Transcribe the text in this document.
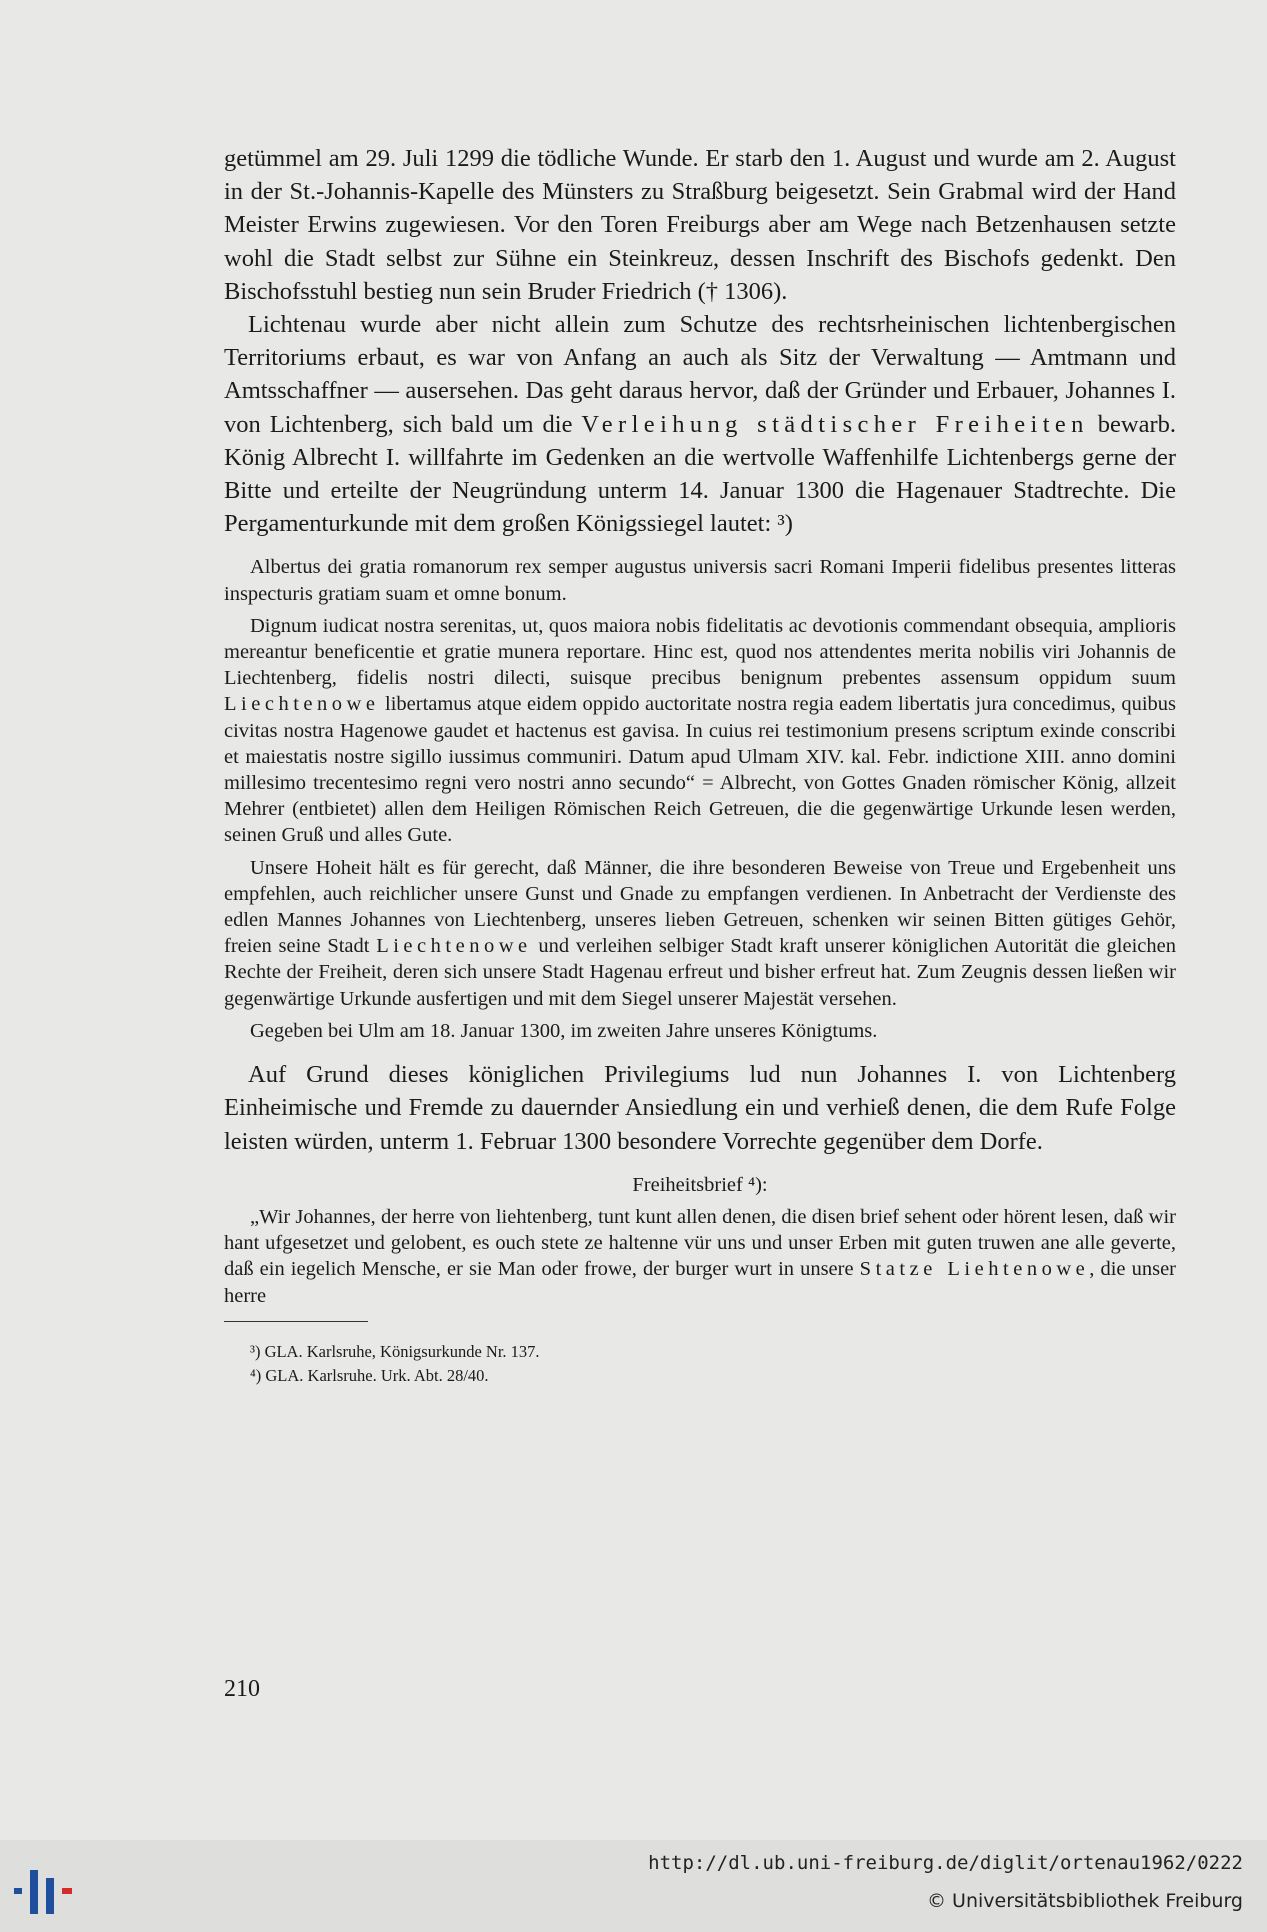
getümmel am 29. Juli 1299 die tödliche Wunde. Er starb den 1. August und wurde am 2. August in der St.-Johannis-Kapelle des Münsters zu Straßburg beigesetzt. Sein Grabmal wird der Hand Meister Erwins zugewiesen. Vor den Toren Freiburgs aber am Wege nach Betzenhausen setzte wohl die Stadt selbst zur Sühne ein Steinkreuz, dessen Inschrift des Bischofs gedenkt. Den Bischofsstuhl bestieg nun sein Bruder Friedrich († 1306).

Lichtenau wurde aber nicht allein zum Schutze des rechtsrheinischen lichtenbergischen Territoriums erbaut, es war von Anfang an auch als Sitz der Verwaltung — Amtmann und Amtsschaffner — ausersehen. Das geht daraus hervor, daß der Gründer und Erbauer, Johannes I. von Lichtenberg, sich bald um die Verleihung städtischer Freiheiten bewarb. König Albrecht I. willfahrte im Gedenken an die wertvolle Waffenhilfe Lichtenbergs gerne der Bitte und erteilte der Neugründung unterm 14. Januar 1300 die Hagenauer Stadtrechte. Die Pergamenturkunde mit dem großen Königssiegel lautet: ³)

Albertus dei gratia romanorum rex semper augustus universis sacri Romani Imperii fidelibus presentes litteras inspecturis gratiam suam et omne bonum.

Dignum iudicat nostra serenitas, ut, quos maiora nobis fidelitatis ac devotionis commendant obsequia, amplioris mereantur beneficentie et gratie munera reportare. Hinc est, quod nos attendentes merita nobilis viri Johannis de Liechtenberg, fidelis nostri dilecti, suisque precibus benignum prebentes assensum oppidum suum Liechtenowe libertamus atque eidem oppido auctoritate nostra regia eadem libertatis jura concedimus, quibus civitas nostra Hagenowe gaudet et hactenus est gavisa. In cuius rei testimonium presens scriptum exinde conscribi et maiestatis nostre sigillo iussimus communiri. Datum apud Ulmam XIV. kal. Febr. indictione XIII. anno domini millesimo trecentesimo regni vero nostri anno secundo“ = Albrecht, von Gottes Gnaden römischer König, allzeit Mehrer (entbietet) allen dem Heiligen Römischen Reich Getreuen, die die gegenwärtige Urkunde lesen werden, seinen Gruß und alles Gute.

Unsere Hoheit hält es für gerecht, daß Männer, die ihre besonderen Beweise von Treue und Ergebenheit uns empfehlen, auch reichlicher unsere Gunst und Gnade zu empfangen verdienen. In Anbetracht der Verdienste des edlen Mannes Johannes von Liechtenberg, unseres lieben Getreuen, schenken wir seinen Bitten gütiges Gehör, freien seine Stadt Liechtenowe und verleihen selbiger Stadt kraft unserer königlichen Autorität die gleichen Rechte der Freiheit, deren sich unsere Stadt Hagenau erfreut und bisher erfreut hat. Zum Zeugnis dessen ließen wir gegenwärtige Urkunde ausfertigen und mit dem Siegel unserer Majestät versehen.

Gegeben bei Ulm am 18. Januar 1300, im zweiten Jahre unseres Königtums.

Auf Grund dieses königlichen Privilegiums lud nun Johannes I. von Lichtenberg Einheimische und Fremde zu dauernder Ansiedlung ein und verhieß denen, die dem Rufe Folge leisten würden, unterm 1. Februar 1300 besondere Vorrechte gegenüber dem Dorfe.

Freiheitsbrief ⁴):

„Wir Johannes, der herre von liehtenberg, tunt kunt allen denen, die disen brief sehent oder hörent lesen, daß wir hant ufgesetzet und gelobent, es ouch stete ze haltenne vür uns und unser Erben mit guten truwen ane alle geverte, daß ein iegelich Mensche, er sie Man oder frowe, der burger wurt in unsere Statze Liehtenowe, die unser herre

³) GLA. Karlsruhe, Königsurkunde Nr. 137.
⁴) GLA. Karlsruhe. Urk. Abt. 28/40.
210
http://dl.ub.uni-freiburg.de/diglit/ortenau1962/0222
© Universitätsbibliothek Freiburg
